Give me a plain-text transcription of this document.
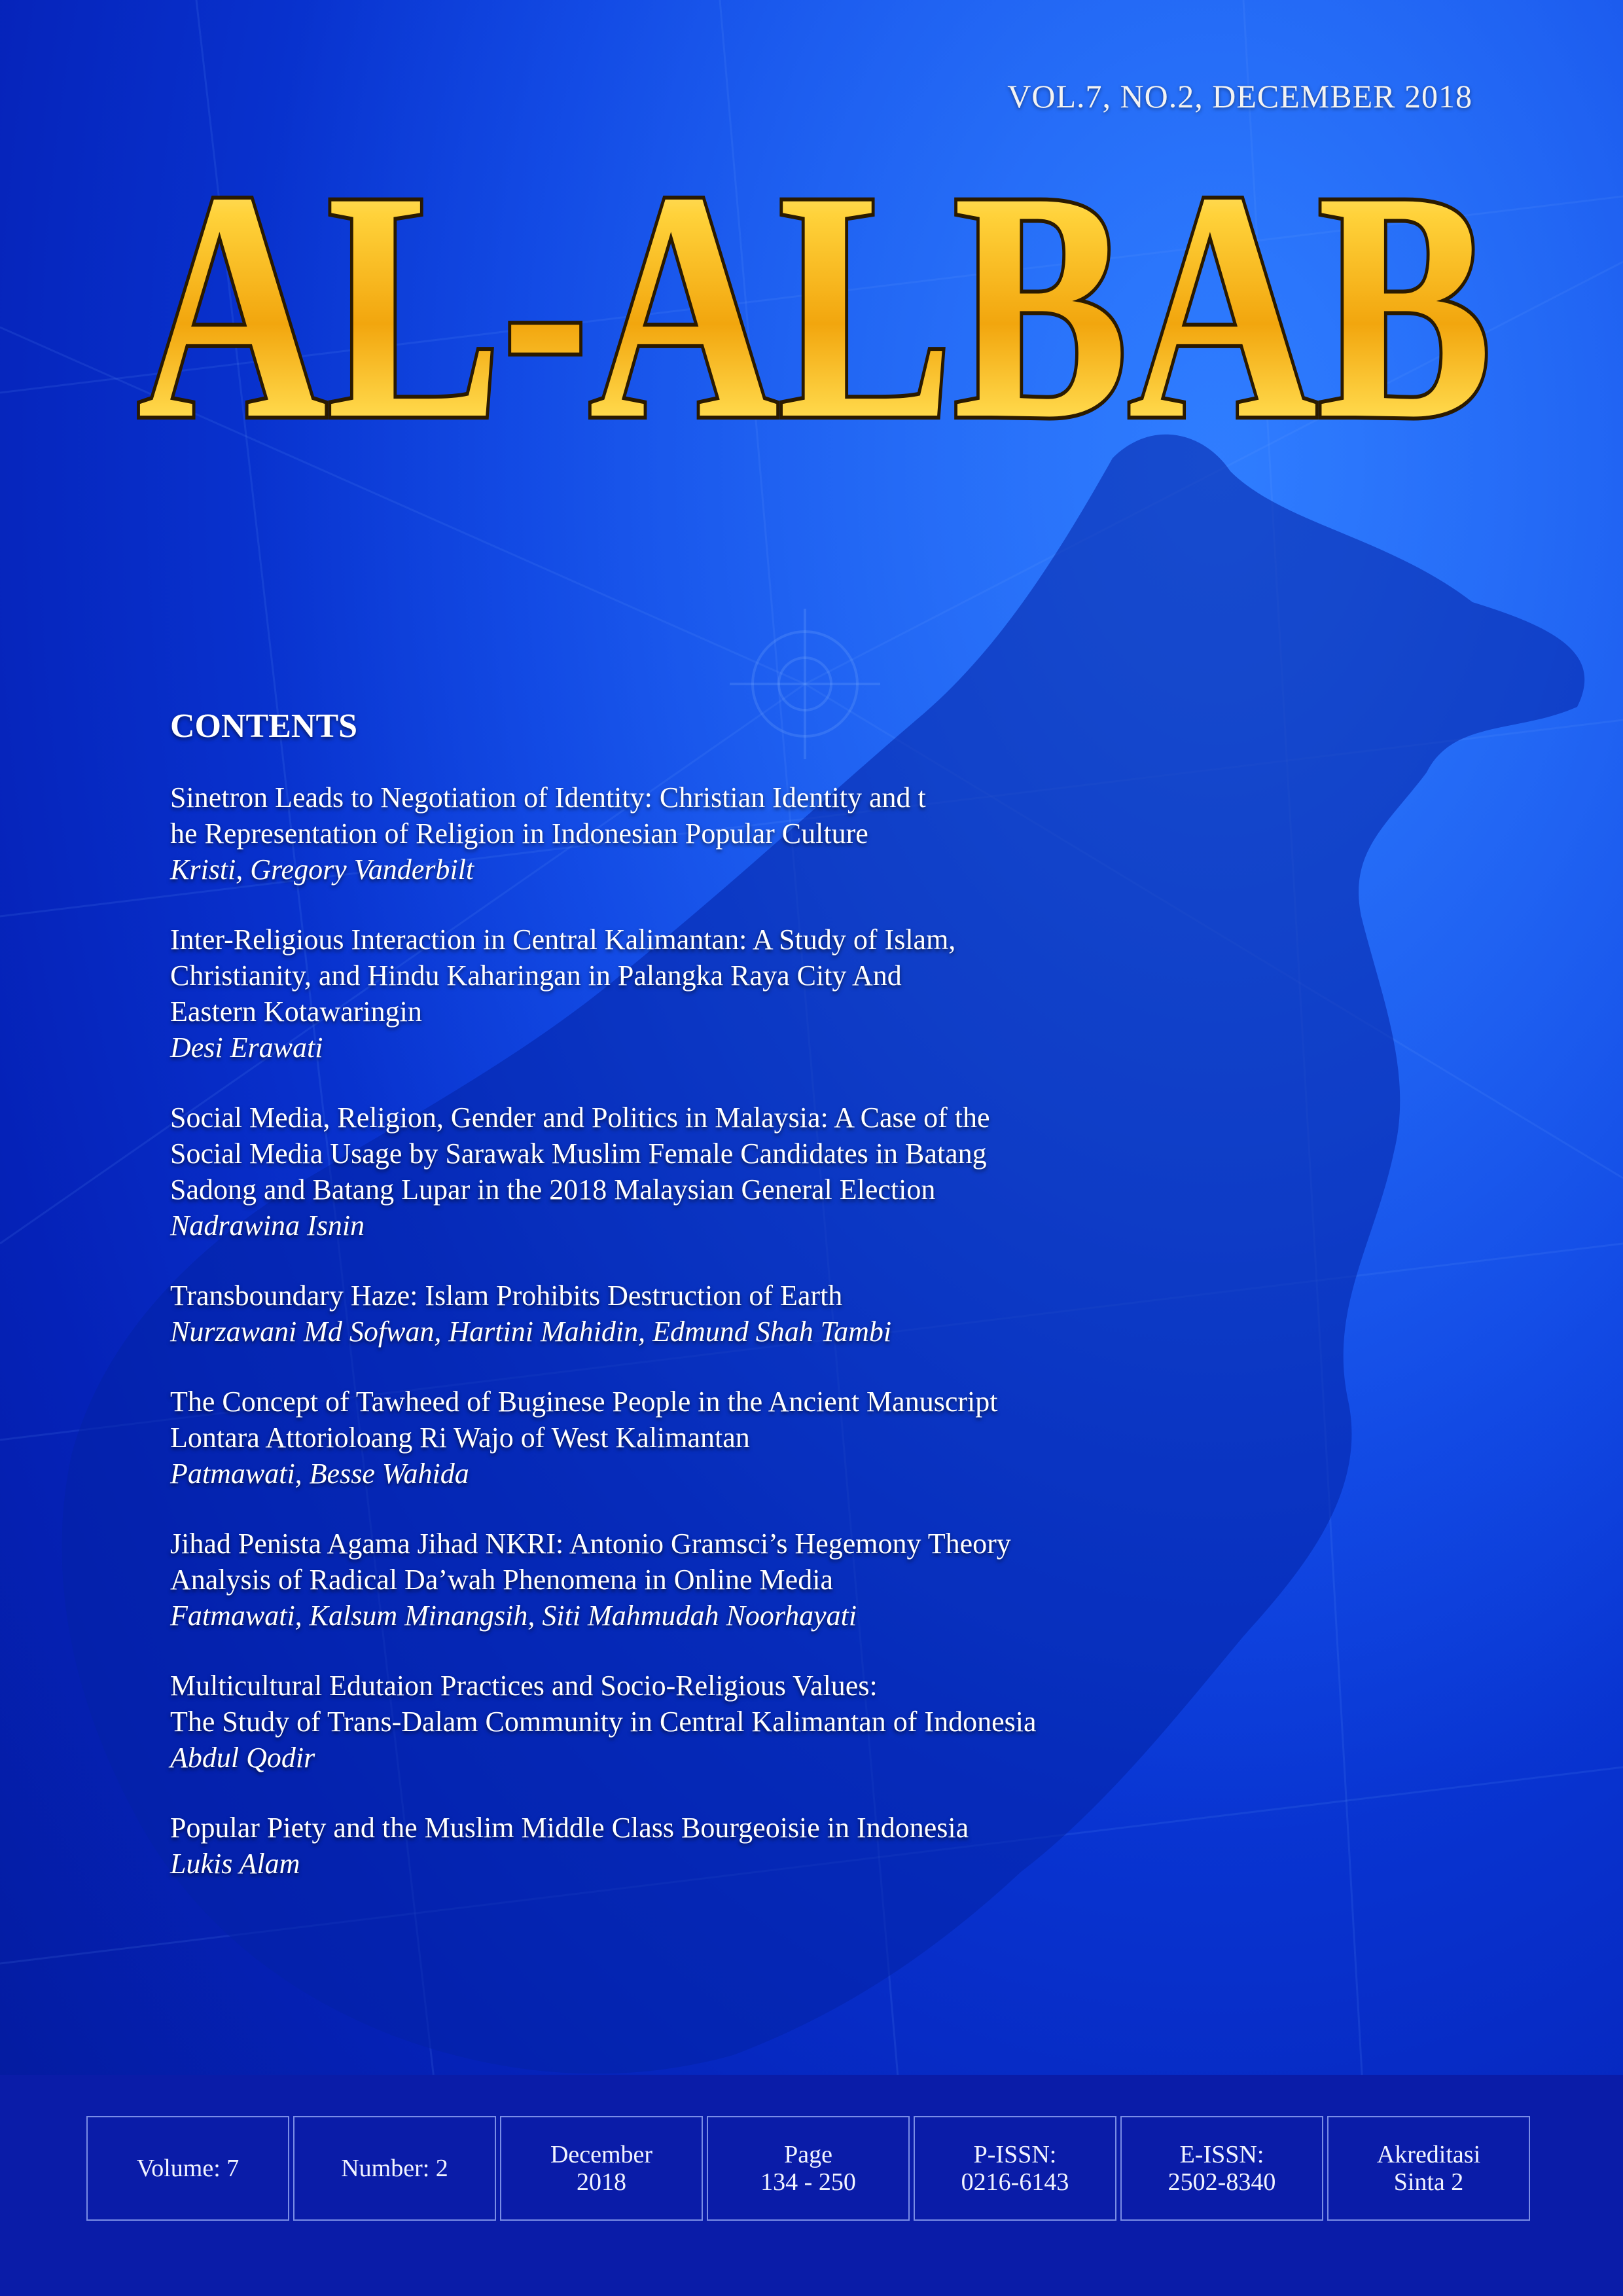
VOL.7, NO.2, DECEMBER 2018
AL-ALBAB
CONTENTS
Sinetron Leads to Negotiation of Identity: Christian Identity and t
he Representation of Religion in Indonesian Popular Culture
Kristi, Gregory Vanderbilt
Inter-Religious Interaction in Central Kalimantan: A Study of Islam,
Christianity, and Hindu Kaharingan in Palangka Raya City And
Eastern Kotawaringin
Desi Erawati
Social Media, Religion, Gender and Politics in Malaysia: A Case of the
Social Media Usage by Sarawak Muslim Female Candidates in Batang
Sadong and Batang Lupar in the 2018 Malaysian General Election
Nadrawina Isnin
Transboundary Haze: Islam Prohibits Destruction of Earth
Nurzawani Md Sofwan, Hartini Mahidin, Edmund Shah Tambi
The Concept of Tawheed of Buginese People in the Ancient Manuscript
Lontara Attorioloang Ri Wajo of West Kalimantan
Patmawati, Besse Wahida
Jihad Penista Agama Jihad NKRI: Antonio Gramsci’s Hegemony Theory
Analysis of Radical Da’wah Phenomena in Online Media
Fatmawati, Kalsum Minangsih, Siti Mahmudah Noorhayati
Multicultural Edutaion Practices and Socio-Religious Values:
The Study of Trans-Dalam Community in Central Kalimantan of Indonesia
Abdul Qodir
Popular Piety and the Muslim Middle Class Bourgeoisie in Indonesia
Lukis Alam
Volume: 7	Number: 2	December
2018
Page
134 - 250
P-ISSN:
0216-6143
E-ISSN:
2502-8340
Akreditasi
Sinta 2
